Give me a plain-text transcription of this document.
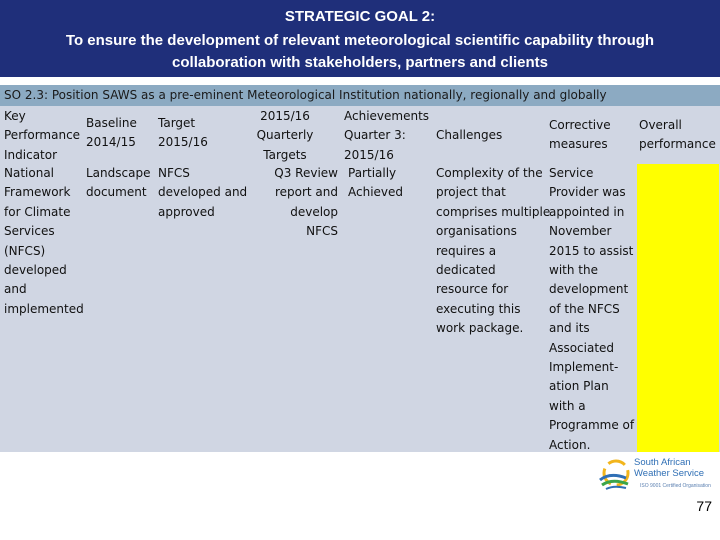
STRATEGIC GOAL 2:
To ensure the development of relevant meteorological scientific capability through
collaboration with stakeholders, partners and clients
SO 2.3: Position SAWS as a pre-eminent Meteorological Institution nationally, regionally and globally
Key
Performance
Indicator
Baseline
2014/15
Target
2015/16
2015/16
Quarterly
Targets
Achievements
Quarter 3:
2015/16
Challenges
Corrective
measures
Overall
performance
National
Framework
for Climate
Services
(NFCS)
developed
and
implemented
Landscape
document
NFCS
developed and
approved
Q3 Review
report and
develop
NFCS
Partially
Achieved
Complexity of the
project that
comprises multiple
organisations
requires a
dedicated
resource for
executing this
work package.
Service
Provider was
appointed in
November
2015 to assist
with the
development
of the NFCS
and its
Associated
Implement-
ation Plan
with a
Programme of
Action.
South African
Weather Service
ISO 9001 Certified Organisation
77
